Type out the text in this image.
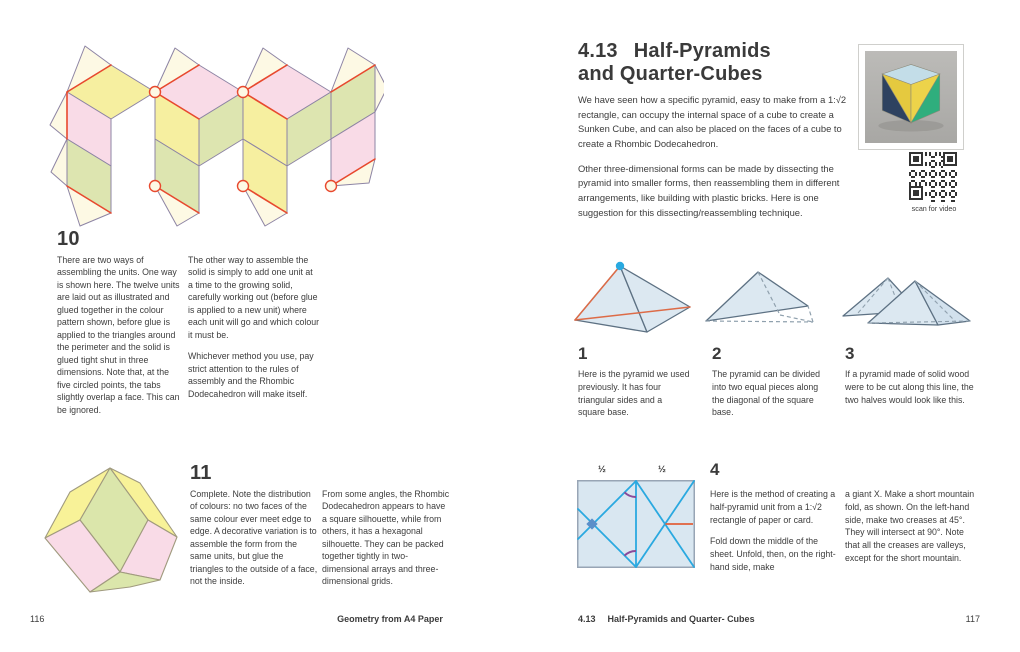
10
There are two ways of assembling the units. One way is shown here. The twelve units are laid out as illustrated and glued together in the colour pattern shown, before glue is applied to the triangles around the perimeter and the solid is glued tight shut in three dimensions. Note that, at the five circled points, the tabs slightly overlap a face. This can be ignored.

The other way to assemble the solid is simply to add one unit at a time to the growing solid, carefully working out (before glue is applied to a new unit) where each unit will go and which colour it must be.

Whichever method you use, pay strict attention to the rules of assembly and the Rhombic Dodecahedron will make itself.

11
Complete. Note the distribution of colours: no two faces of the same colour ever meet edge to edge. A decorative variation is to assemble the form from the same units, but glue the triangles to the outside of a face, not the inside.
From some angles, the Rhombic Dodecahedron appears to have a square silhouette, while from others, it has a hexagonal silhouette. They can be packed together tightly in two-dimensional arrays and three-dimensional grids.
116	Geometry from A4 Paper
4.13 Half-Pyramids
and Quarter-Cubes

We have seen how a specific pyramid, easy to make from a 1:√2 rectangle, can occupy the internal space of a cube to create a Sunken Cube, and can also be placed on the faces of a cube to create a Rhombic Dodecahedron.

Other three-dimensional forms can be made by dissecting the pyramid into smaller forms, then reassembling them in different arrangements, like building with plastic bricks. Here is one suggestion for this dissecting/reassembling technique.	scan for video
1	2	3
Here is the pyramid we used previously. It has four triangular sides and a square base.
The pyramid can be divided into two equal pieces along the diagonal of the square base.
If a pyramid made of solid wood were to be cut along this line, the two halves would look like this.
½	½	4

Here is the method of creating a half-pyramid unit from a 1:√2 rectangle of paper or card.

Fold down the middle of the sheet. Unfold, then, on the right-hand side, make

a giant X. Make a short mountain fold, as shown. On the left-hand side, make two creases at 45°. They will intersect at 90°. Note that all the creases are valleys, except for the short mountain.
4.13 Half-Pyramids and Quarter- Cubes	117
